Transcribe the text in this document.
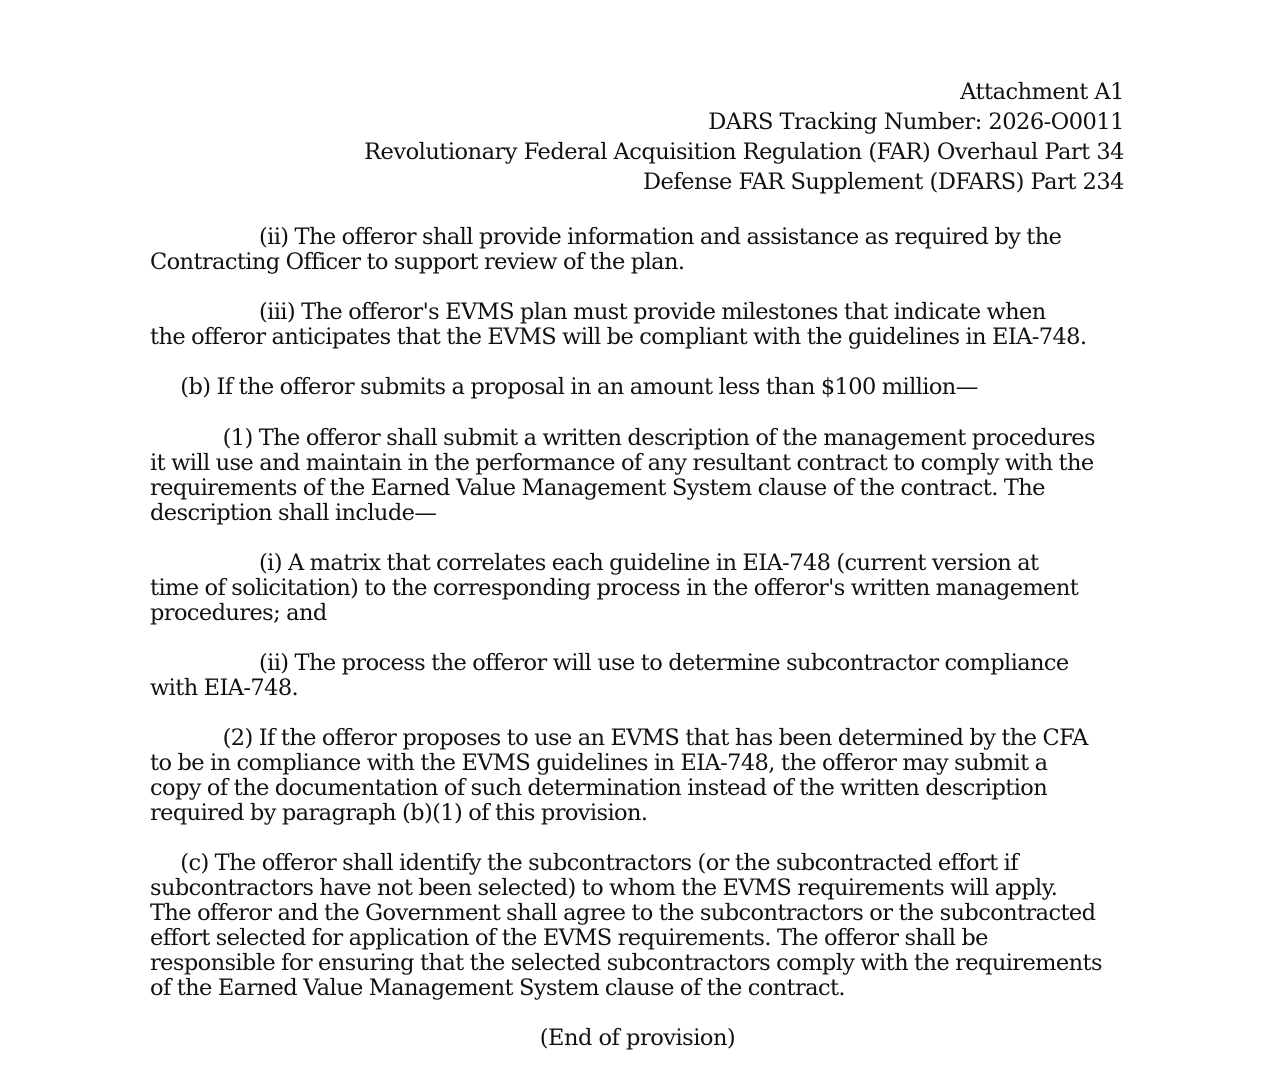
Attachment A1
DARS Tracking Number: 2026-O0011
Revolutionary Federal Acquisition Regulation (FAR) Overhaul Part 34
Defense FAR Supplement (DFARS) Part 234

(ii) The offeror shall provide information and assistance as required by the
Contracting Officer to support review of the plan.

(iii) The offeror's EVMS plan must provide milestones that indicate when
the offeror anticipates that the EVMS will be compliant with the guidelines in EIA-748.

(b) If the offeror submits a proposal in an amount less than $100 million—

(1) The offeror shall submit a written description of the management procedures
it will use and maintain in the performance of any resultant contract to comply with the
requirements of the Earned Value Management System clause of the contract. The
description shall include—

(i) A matrix that correlates each guideline in EIA-748 (current version at
time of solicitation) to the corresponding process in the offeror's written management
procedures; and

(ii) The process the offeror will use to determine subcontractor compliance
with EIA-748.

(2) If the offeror proposes to use an EVMS that has been determined by the CFA
to be in compliance with the EVMS guidelines in EIA-748, the offeror may submit a
copy of the documentation of such determination instead of the written description
required by paragraph (b)(1) of this provision.

(c) The offeror shall identify the subcontractors (or the subcontracted effort if
subcontractors have not been selected) to whom the EVMS requirements will apply.
The offeror and the Government shall agree to the subcontractors or the subcontracted
effort selected for application of the EVMS requirements. The offeror shall be
responsible for ensuring that the selected subcontractors comply with the requirements
of the Earned Value Management System clause of the contract.

(End of provision)
